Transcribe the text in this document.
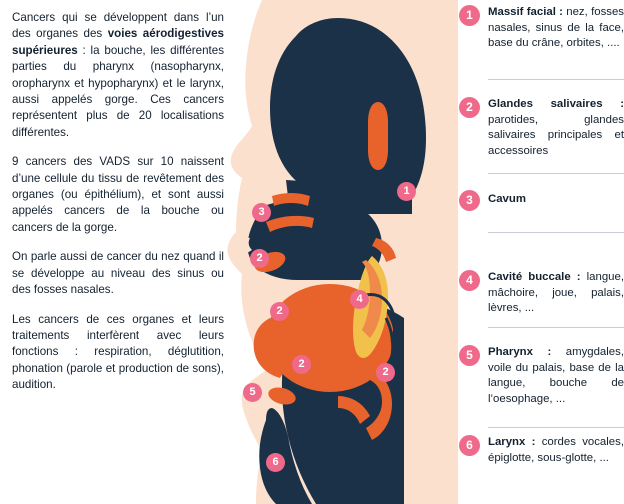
Cancers qui se développent dans l’un des organes des voies aérodigestives supérieures : la bouche, les différentes parties du pharynx (nasopharynx, oropharynx et hypopharynx) et le larynx, aussi appelés gorge. Ces cancers représentent plus de 20 localisations différentes.

9 cancers des VADS sur 10 naissent d’une cellule du tissu de revêtement des organes (ou épithélium), et sont aussi appelés cancers de la bouche ou cancers de la gorge.

On parle aussi de cancer du nez quand il se développe au niveau des sinus ou des fosses nasales.

Les cancers de ces organes et leurs traitements interfèrent avec leurs fonctions : respiration, déglutition, phonation (parole et production de sons), audition.

1
3
2
4
2
2
2
5
6
1	Massif facial : nez, fosses nasales, sinus de la face, base du crâne, orbites, ....
2	Glandes salivaires : parotides, glandes salivaires principales et accessoires
3	Cavum
4	Cavité buccale : langue, mâchoire, joue, palais, lèvres, ...
5	Pharynx : amygdales, voile du palais, base de la langue, bouche de l’oesophage, ...
6	Larynx : cordes vocales, épiglotte, sous-glotte, ...
